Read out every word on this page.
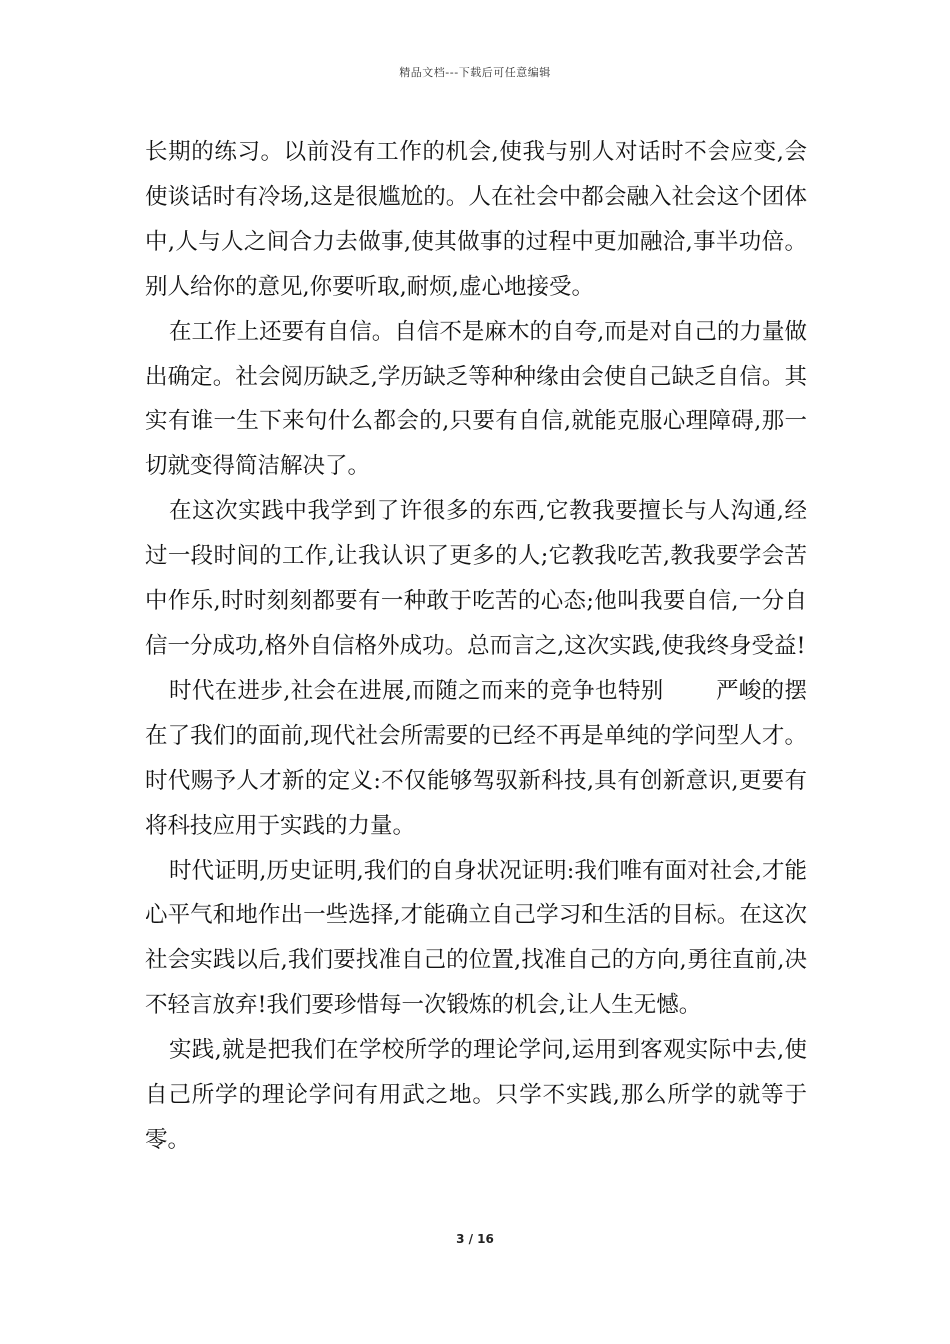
精品文档---下载后可任意编辑

长期的练习。以前没有工作的机会,使我与别人对话时不会应变,会使谈话时有冷场,这是很尴尬的。人在社会中都会融入社会这个团体中,人与人之间合力去做事,使其做事的过程中更加融洽,事半功倍。别人给你的意见,你要听取,耐烦,虚心地接受。

在工作上还要有自信。自信不是麻木的自夸,而是对自己的力量做出确定。社会阅历缺乏,学历缺乏等种种缘由会使自己缺乏自信。其实有谁一生下来句什么都会的,只要有自信,就能克服心理障碍,那一切就变得简洁解决了。

在这次实践中我学到了许很多的东西,它教我要擅长与人沟通,经过一段时间的工作,让我认识了更多的人;它教我吃苦,教我要学会苦中作乐,时时刻刻都要有一种敢于吃苦的心态;他叫我要自信,一分自信一分成功,格外自信格外成功。总而言之,这次实践,使我终身受益!

时代在进步,社会在进展,而随之而来的竞争也特别 严峻的摆在了我们的面前,现代社会所需要的已经不再是单纯的学问型人才。时代赐予人才新的定义:不仅能够驾驭新科技,具有创新意识,更要有将科技应用于实践的力量。

时代证明,历史证明,我们的自身状况证明:我们唯有面对社会,才能心平气和地作出一些选择,才能确立自己学习和生活的目标。在这次社会实践以后,我们要找准自己的位置,找准自己的方向,勇往直前,决不轻言放弃!我们要珍惜每一次锻炼的机会,让人生无憾。

实践,就是把我们在学校所学的理论学问,运用到客观实际中去,使自己所学的理论学问有用武之地。只学不实践,那么所学的就等于零。

3 / 16
